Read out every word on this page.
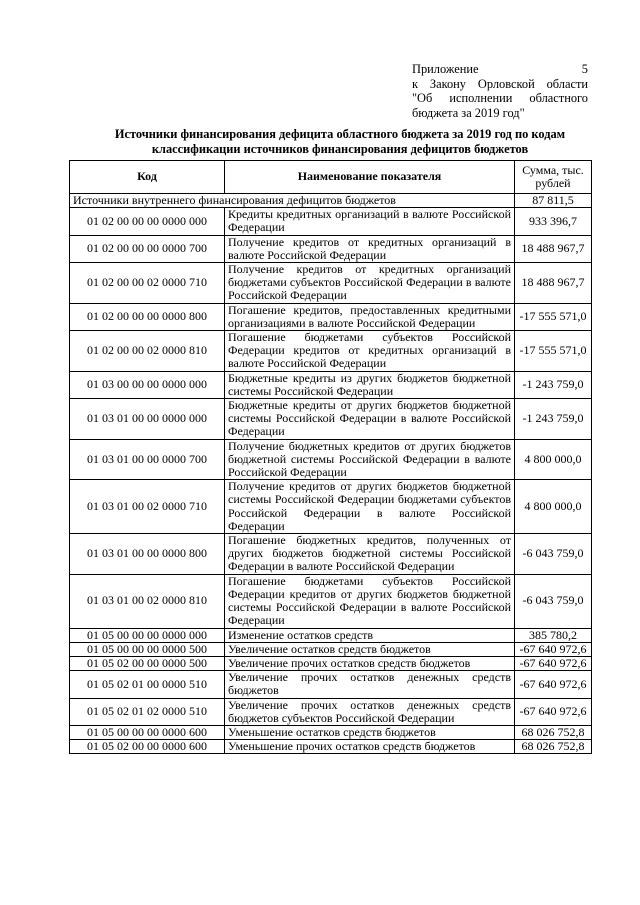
Приложение 5
к Закону Орловской области
"Об исполнении областного
бюджета за 2019 год"
Источники финансирования дефицита областного бюджета за 2019 год по кодам
классификации источников финансирования дефицитов бюджетов
Код	Наименование показателя	Сумма, тыс. рублей
Источники внутреннего финансирования дефицитов бюджетов		87 811,5
01 02 00 00 00 0000 000	Кредиты кредитных организаций в валюте Российской Федерации	933 396,7
01 02 00 00 00 0000 700	Получение кредитов от кредитных организаций в валюте Российской Федерации	18 488 967,7
01 02 00 00 02 0000 710	Получение кредитов от кредитных организаций бюджетами субъектов Российской Федерации в валюте Российской Федерации	18 488 967,7
01 02 00 00 00 0000 800	Погашение кредитов, предоставленных кредитными организациями в валюте Российской Федерации	-17 555 571,0
01 02 00 00 02 0000 810	Погашение бюджетами субъектов Российской Федерации кредитов от кредитных организаций в валюте Российской Федерации	-17 555 571,0
01 03 00 00 00 0000 000	Бюджетные кредиты из других бюджетов бюджетной системы Российской Федерации	-1 243 759,0
01 03 01 00 00 0000 000	Бюджетные кредиты от других бюджетов бюджетной системы Российской Федерации в валюте Российской Федерации	-1 243 759,0
01 03 01 00 00 0000 700	Получение бюджетных кредитов от других бюджетов бюджетной системы Российской Федерации в валюте Российской Федерации	4 800 000,0
01 03 01 00 02 0000 710	Получение кредитов от других бюджетов бюджетной системы Российской Федерации бюджетами субъектов Российской Федерации в валюте Российской Федерации	4 800 000,0
01 03 01 00 00 0000 800	Погашение бюджетных кредитов, полученных от других бюджетов бюджетной системы Российской Федерации в валюте Российской Федерации	-6 043 759,0
01 03 01 00 02 0000 810	Погашение бюджетами субъектов Российской Федерации кредитов от других бюджетов бюджетной системы Российской Федерации в валюте Российской Федерации	-6 043 759,0
01 05 00 00 00 0000 000	Изменение остатков средств	385 780,2
01 05 00 00 00 0000 500	Увеличение остатков средств бюджетов	-67 640 972,6
01 05 02 00 00 0000 500	Увеличение прочих остатков средств бюджетов	-67 640 972,6
01 05 02 01 00 0000 510	Увеличение прочих остатков денежных средств бюджетов	-67 640 972,6
01 05 02 01 02 0000 510	Увеличение прочих остатков денежных средств бюджетов субъектов Российской Федерации	-67 640 972,6
01 05 00 00 00 0000 600	Уменьшение остатков средств бюджетов	68 026 752,8
01 05 02 00 00 0000 600	Уменьшение прочих остатков средств бюджетов	68 026 752,8
